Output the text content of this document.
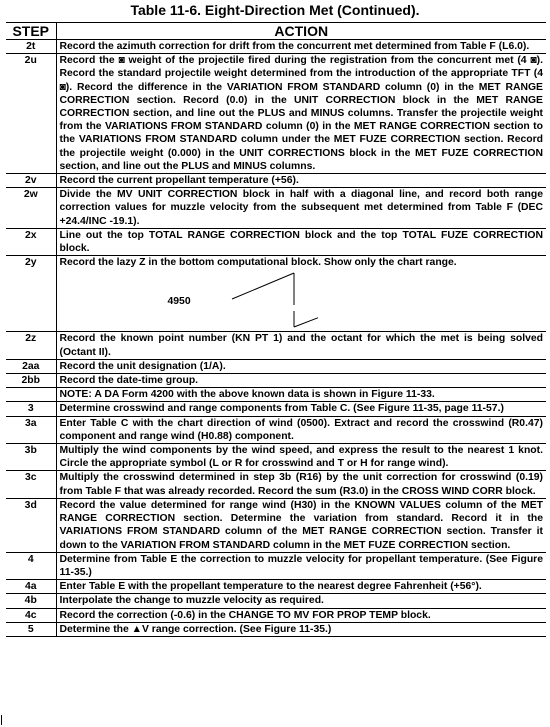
Table 11-6. Eight-Direction Met (Continued).
STEP	ACTION
2t	Record the azimuth correction for drift from the concurrent met determined from Table F (L6.0).
2u	Record the ◙ weight of the projectile fired during the registration from the concurrent met (4 ◙). Record the standard projectile weight determined from the introduction of the appropriate TFT (4 ◙). Record the difference in the VARIATION FROM STANDARD column (0) in the MET RANGE CORRECTION section. Record (0.0) in the UNIT CORRECTION block in the MET RANGE CORRECTION section, and line out the PLUS and MINUS columns. Transfer the projectile weight from the VARIATIONS FROM STANDARD column (0) in the MET RANGE CORRECTION section to the VARIATIONS FROM STANDARD column under the MET FUZE CORRECTION section. Record the projectile weight (0.000) in the UNIT CORRECTIONS block in the MET FUZE CORRECTION section, and line out the PLUS and MINUS columns.
2v	Record the current propellant temperature (+56).
2w	Divide the MV UNIT CORRECTION block in half with a diagonal line, and record both range correction values for muzzle velocity from the subsequent met determined from Table F (DEC +24.4/INC -19.1).
2x	Line out the top TOTAL RANGE CORRECTION block and the top TOTAL FUZE CORRECTION block.
2y	Record the lazy Z in the bottom computational block. Show only the chart range.
4950

2z	Record the known point number (KN PT 1) and the octant for which the met is being solved (Octant II).
2aa	Record the unit designation (1/A).
2bb	Record the date-time group.
	NOTE: A DA Form 4200 with the above known data is shown in Figure 11-33.
3	Determine crosswind and range components from Table C. (See Figure 11-35, page 11-57.)
3a	Enter Table C with the chart direction of wind (0500). Extract and record the crosswind (R0.47) component and range wind (H0.88) component.
3b	Multiply the wind components by the wind speed, and express the result to the nearest 1 knot. Circle the appropriate symbol (L or R for crosswind and T or H for range wind).
3c	Multiply the crosswind determined in step 3b (R16) by the unit correction for crosswind (0.19) from Table F that was already recorded. Record the sum (R3.0) in the CROSS WIND CORR block.
3d	Record the value determined for range wind (H30) in the KNOWN VALUES column of the MET RANGE CORRECTION section. Determine the variation from standard. Record it in the VARIATIONS FROM STANDARD column of the MET RANGE CORRECTION section. Transfer it down to the VARIATION FROM STANDARD column in the MET FUZE CORRECTION section.
4	Determine from Table E the correction to muzzle velocity for propellant temperature. (See Figure 11-35.)
4a	Enter Table E with the propellant temperature to the nearest degree Fahrenheit (+56°).
4b	Interpolate the change to muzzle velocity as required.
4c	Record the correction (-0.6) in the CHANGE TO MV FOR PROP TEMP block.
5	Determine the ▲V range correction. (See Figure 11-35.)
